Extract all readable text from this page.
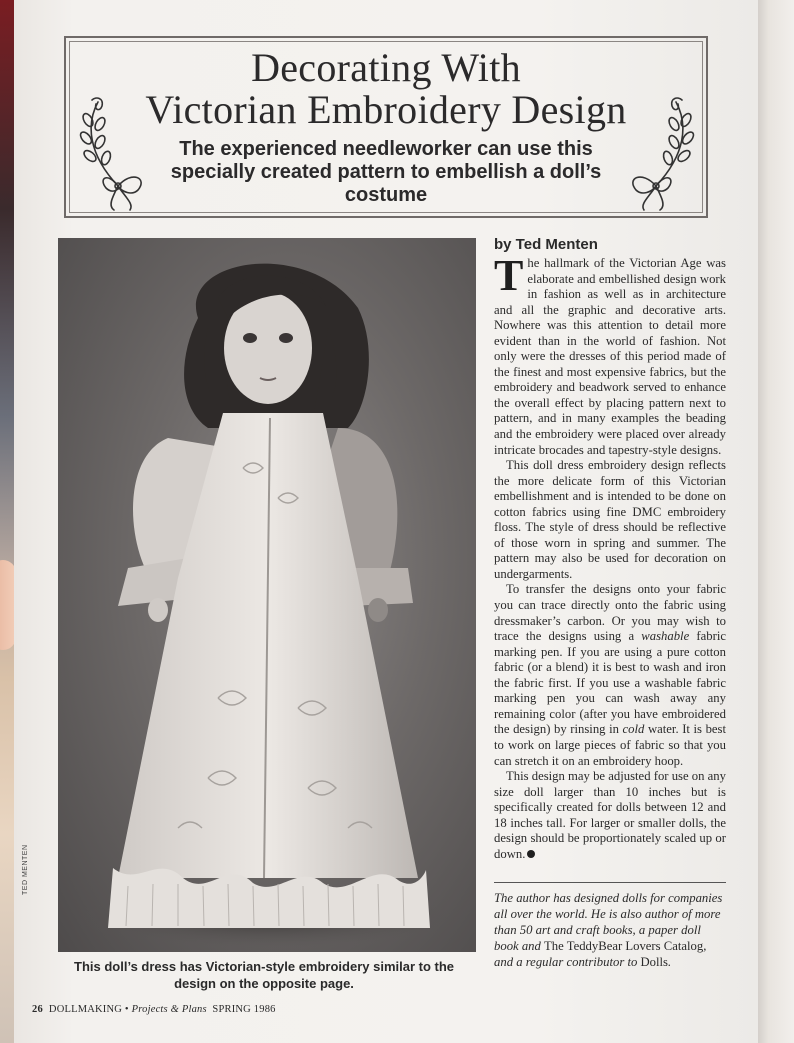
Decorating With
Victorian Embroidery Design
The experienced needleworker can use this specially created pattern to embellish a doll’s costume
TED MENTEN
This doll’s dress has Victorian-style embroidery similar to the design on the opposite page.
by Ted Menten

The hallmark of the Victorian Age was elaborate and embellished design work in fashion as well as in architecture and all the graphic and decorative arts. Nowhere was this attention to detail more evident than in the world of fashion. Not only were the dresses of this period made of the finest and most expensive fabrics, but the embroidery and beadwork served to enhance the overall effect by placing pattern next to pattern, and in many examples the beading and the embroidery were placed over already intricate brocades and tapestry-style designs.

This doll dress embroidery design reflects the more delicate form of this Victorian embellishment and is intended to be done on cotton fabrics using fine DMC embroidery floss. The style of dress should be reflective of those worn in spring and summer. The pattern may also be used for decoration on undergarments.

To transfer the designs onto your fabric you can trace directly onto the fabric using dressmaker’s carbon. Or you may wish to trace the designs using a washable fabric marking pen. If you are using a pure cotton fabric (or a blend) it is best to wash and iron the fabric first. If you use a washable fabric marking pen you can wash away any remaining color (after you have embroidered the design) by rinsing in cold water. It is best to work on large pieces of fabric so that you can stretch it on an embroidery hoop.

This design may be adjusted for use on any size doll larger than 10 inches but is specifically created for dolls between 12 and 18 inches tall. For larger or smaller dolls, the design should be proportionately scaled up or down.

The author has designed dolls for companies all over the world. He is also author of more than 50 art and craft books, a paper doll book and The TeddyBear Lovers Catalog, and a regular contributor to Dolls.
26 DOLLMAKING • Projects & Plans SPRING 1986
